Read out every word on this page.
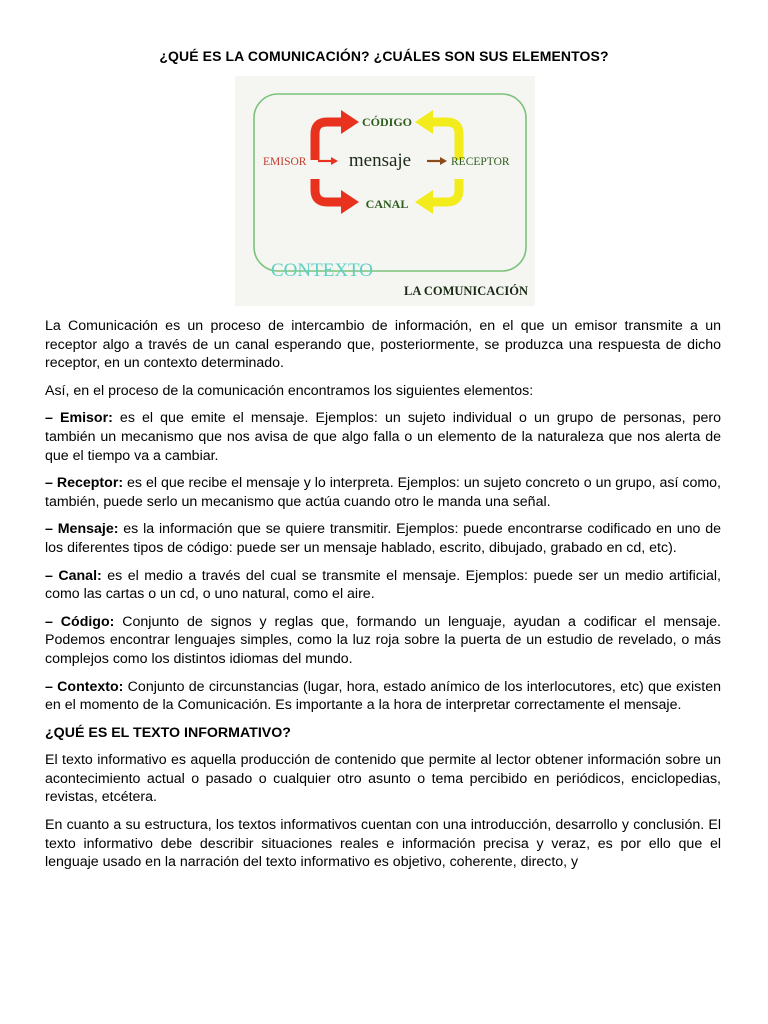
¿QUÉ ES LA COMUNICACIÓN? ¿CUÁLES SON SUS ELEMENTOS?
CÓDIGO
EMISOR mensaje	RECEPTOR
CANAL
CONTEXTO
LA COMUNICACIÓN

La Comunicación es un proceso de intercambio de información, en el que un emisor transmite a un receptor algo a través de un canal esperando que, posteriormente, se produzca una respuesta de dicho receptor, en un contexto determinado.

Así, en el proceso de la comunicación encontramos los siguientes elementos:

– Emisor: es el que emite el mensaje. Ejemplos: un sujeto individual o un grupo de personas, pero también un mecanismo que nos avisa de que algo falla o un elemento de la naturaleza que nos alerta de que el tiempo va a cambiar.

– Receptor: es el que recibe el mensaje y lo interpreta. Ejemplos: un sujeto concreto o un grupo, así como, también, puede serlo un mecanismo que actúa cuando otro le manda una señal.

– Mensaje: es la información que se quiere transmitir. Ejemplos: puede encontrarse codificado en uno de los diferentes tipos de código: puede ser un mensaje hablado, escrito, dibujado, grabado en cd, etc).

– Canal: es el medio a través del cual se transmite el mensaje. Ejemplos: puede ser un medio artificial, como las cartas o un cd, o uno natural, como el aire.

– Código: Conjunto de signos y reglas que, formando un lenguaje, ayudan a codificar el mensaje. Podemos encontrar lenguajes simples, como la luz roja sobre la puerta de un estudio de revelado, o más complejos como los distintos idiomas del mundo.

– Contexto: Conjunto de circunstancias (lugar, hora, estado anímico de los interlocutores, etc) que existen en el momento de la Comunicación. Es importante a la hora de interpretar correctamente el mensaje.

¿QUÉ ES EL TEXTO INFORMATIVO?

El texto informativo es aquella producción de contenido que permite al lector obtener información sobre un acontecimiento actual o pasado o cualquier otro asunto o tema percibido en periódicos, enciclopedias, revistas, etcétera.

En cuanto a su estructura, los textos informativos cuentan con una introducción, desarrollo y conclusión. El texto informativo debe describir situaciones reales e información precisa y veraz, es por ello que el lenguaje usado en la narración del texto informativo es objetivo, coherente, directo, y
